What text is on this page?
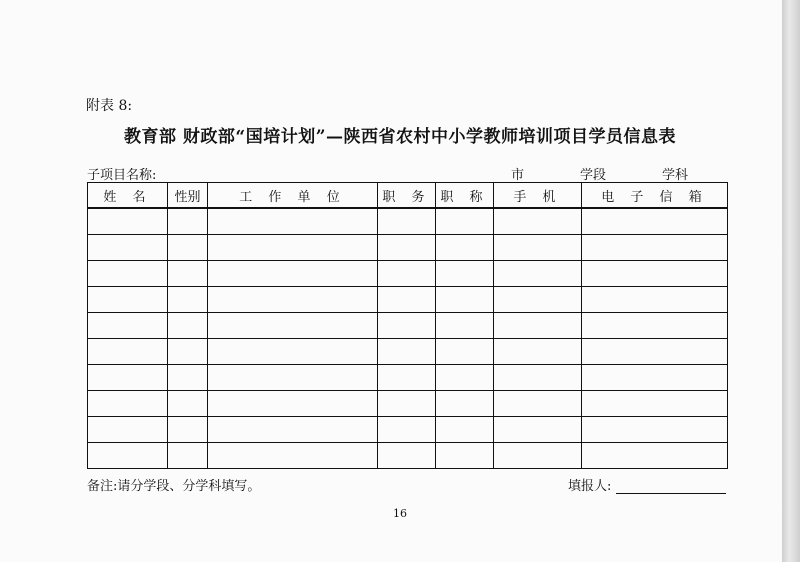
附表 8:
教育部 财政部“国培计划”—陕西省农村中小学教师培训项目学员信息表
子项目名称:	市	学段	学科
姓 名	性别	工 作 单 位	职 务	职 称	手 机	电 子 信 箱

备注:请分学段、分学科填写。	填报人:
16
